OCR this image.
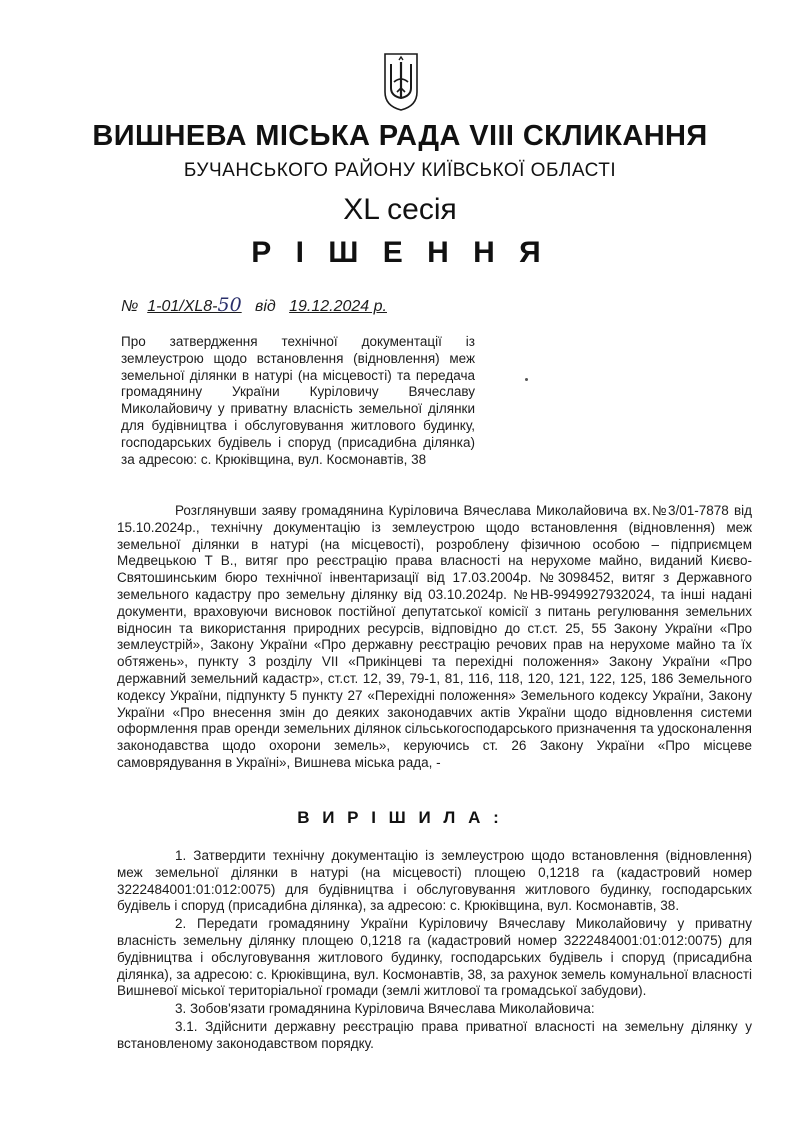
ВИШНЕВА МІСЬКА РАДА VIII СКЛИКАННЯ
БУЧАНСЬКОГО РАЙОНУ КИЇВСЬКОЇ ОБЛАСТІ
XL сесія
Р І Ш Е Н Н Я
№ 1-01/XL8-50 від 19.12.2024 р.
Про затвердження технічної документації із землеустрою щодо встановлення (відновлення) меж земельної ділянки в натурі (на місцевості) та передача громадянину України Куріловичу Вячеславу Миколайовичу у приватну власність земельної ділянки для будівництва і обслуговування житлового будинку, господарських будівель і споруд (присадибна ділянка) за адресою: с. Крюківщина, вул. Космонавтів, 38
Розглянувши заяву громадянина Куріловича Вячеслава Миколайовича вх.№3/01-7878 від 15.10.2024р., технічну документацію із землеустрою щодо встановлення (відновлення) меж земельної ділянки в натурі (на місцевості), розроблену фізичною особою – підприємцем Медвецькою Т В., витяг про реєстрацію права власності на нерухоме майно, виданий Києво-Святошинським бюро технічної інвентаризації від 17.03.2004р. №3098452, витяг з Державного земельного кадастру про земельну ділянку від 03.10.2024р. №НВ-9949927932024, та інші надані документи, враховуючи висновок постійної депутатської комісії з питань регулювання земельних відносин та використання природних ресурсів, відповідно до ст.ст. 25, 55 Закону України «Про землеустрій», Закону України «Про державну реєстрацію речових прав на нерухоме майно та їх обтяжень», пункту 3 розділу VII «Прикінцеві та перехідні положення» Закону України «Про державний земельний кадастр», ст.ст. 12, 39, 79-1, 81, 116, 118, 120, 121, 122, 125, 186 Земельного кодексу України, підпункту 5 пункту 27 «Перехідні положення» Земельного кодексу України, Закону України «Про внесення змін до деяких законодавчих актів України щодо відновлення системи оформлення прав оренди земельних ділянок сільськогосподарського призначення та удосконалення законодавства щодо охорони земель», керуючись ст. 26 Закону України «Про місцеве самоврядування в Україні», Вишнева міська рада, -
В И Р І Ш И Л А :

1. Затвердити технічну документацію із землеустрою щодо встановлення (відновлення) меж земельної ділянки в натурі (на місцевості) площею 0,1218 га (кадастровий номер 3222484001:01:012:0075) для будівництва і обслуговування житлового будинку, господарських будівель і споруд (присадибна ділянка), за адресою: с. Крюківщина, вул. Космонавтів, 38.

2. Передати громадянину України Куріловичу Вячеславу Миколайовичу у приватну власність земельну ділянку площею 0,1218 га (кадастровий номер 3222484001:01:012:0075) для будівництва і обслуговування житлового будинку, господарських будівель і споруд (присадибна ділянка), за адресою: с. Крюківщина, вул. Космонавтів, 38, за рахунок земель комунальної власності Вишневої міської територіальної громади (землі житлової та громадської забудови).

3. Зобов'язати громадянина Куріловича Вячеслава Миколайовича:

3.1. Здійснити державну реєстрацію права приватної власності на земельну ділянку у встановленому законодавством порядку.
